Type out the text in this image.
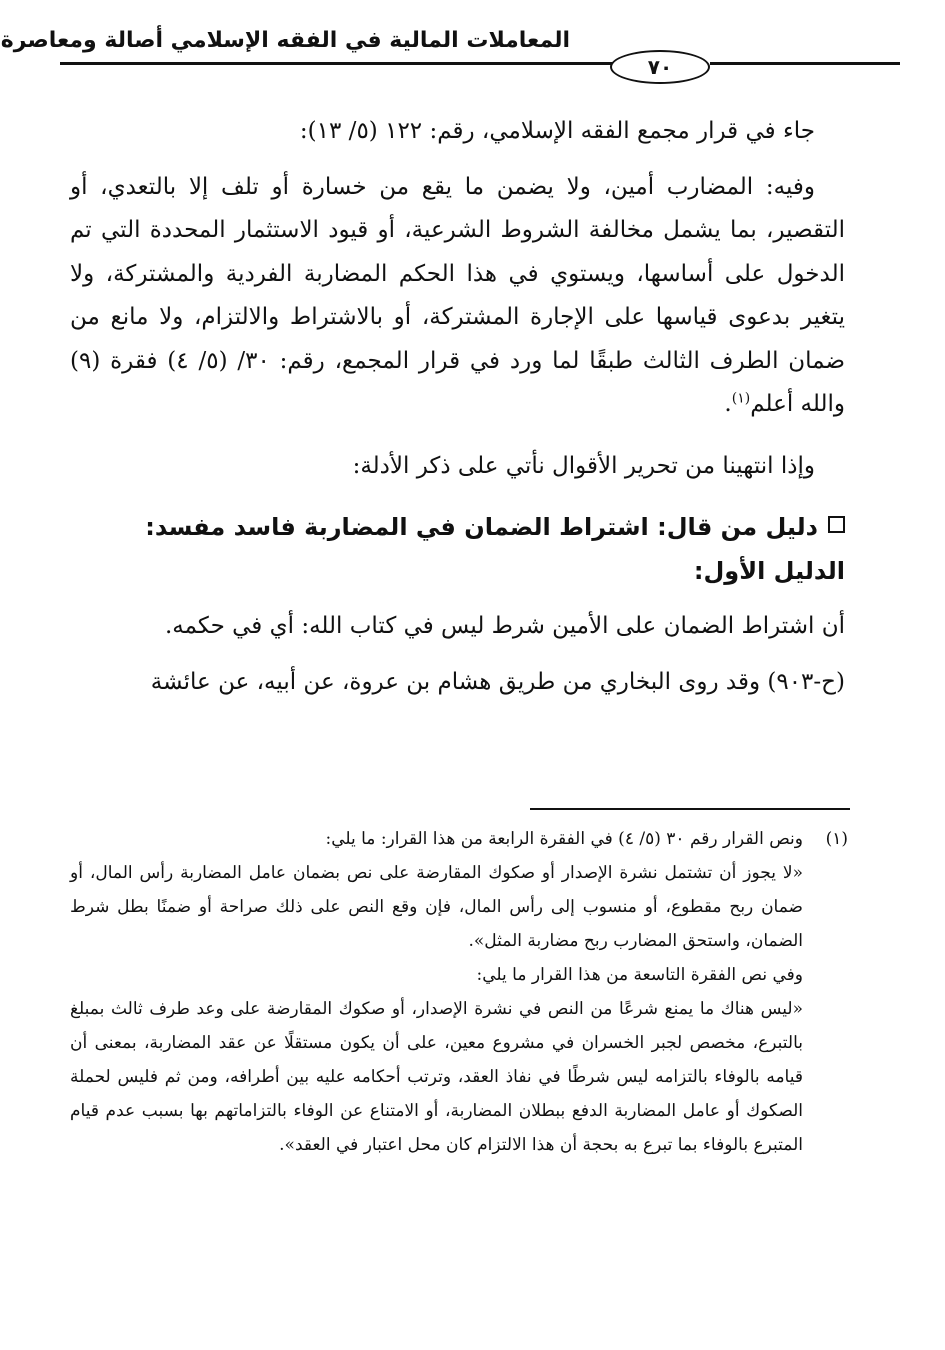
المعاملات المالية في الفقه الإسلامي أصالة ومعاصرة
٧٠

جاء في قرار مجمع الفقه الإسلامي، رقم: ١٢٢ (٥/ ١٣):

وفيه: المضارب أمين، ولا يضمن ما يقع من خسارة أو تلف إلا بالتعدي، أو التقصير، بما يشمل مخالفة الشروط الشرعية، أو قيود الاستثمار المحددة التي تم الدخول على أساسها، ويستوي في هذا الحكم المضاربة الفردية والمشتركة، ولا يتغير بدعوى قياسها على الإجارة المشتركة، أو بالاشتراط والالتزام، ولا مانع من ضمان الطرف الثالث طبقًا لما ورد في قرار المجمع، رقم: ٣٠/ (٥/ ٤) فقرة (٩) والله أعلم$^{(١)}$.

وإذا انتهينا من تحرير الأقوال نأتي على ذكر الأدلة:

دليل من قال: اشتراط الضمان في المضاربة فاسد مفسد:

الدليل الأول:

أن اشتراط الضمان على الأمين شرط ليس في كتاب الله: أي في حكمه.

(ح-٩٠٣) وقد روى البخاري من طريق هشام بن عروة، عن أبيه، عن عائشة

(١)

ونص القرار رقم ٣٠ (٥/ ٤) في الفقرة الرابعة من هذا القرار: ما يلي:

«لا يجوز أن تشتمل نشرة الإصدار أو صكوك المقارضة على نص بضمان عامل المضاربة رأس المال، أو ضمان ربح مقطوع، أو منسوب إلى رأس المال، فإن وقع النص على ذلك صراحة أو ضمنًا بطل شرط الضمان، واستحق المضارب ربح مضاربة المثل».

وفي نص الفقرة التاسعة من هذا القرار ما يلي:

«ليس هناك ما يمنع شرعًا من النص في نشرة الإصدار، أو صكوك المقارضة على وعد طرف ثالث بمبلغ بالتبرع، مخصص لجبر الخسران في مشروع معين، على أن يكون مستقلًا عن عقد المضاربة، بمعنى أن قيامه بالوفاء بالتزامه ليس شرطًا في نفاذ العقد، وترتب أحكامه عليه بين أطرافه، ومن ثم فليس لحملة الصكوك أو عامل المضاربة الدفع ببطلان المضاربة، أو الامتناع عن الوفاء بالتزاماتهم بها بسبب عدم قيام المتبرع بالوفاء بما تبرع به بحجة أن هذا الالتزام كان محل اعتبار في العقد».
